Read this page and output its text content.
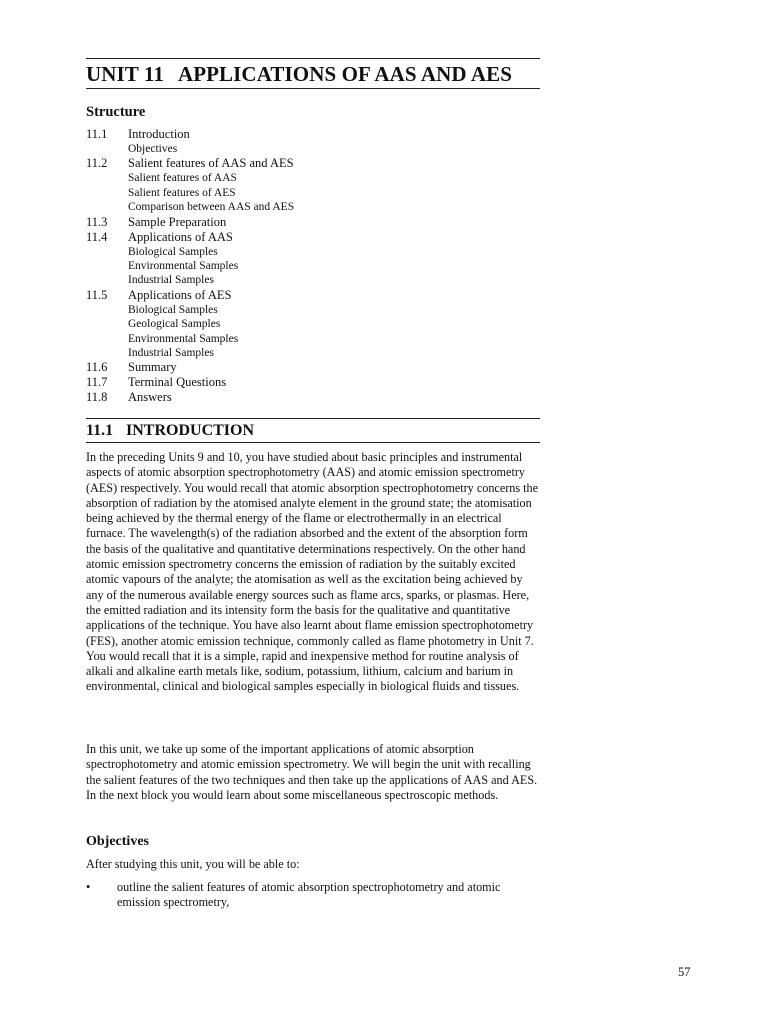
UNIT 11 APPLICATIONS OF AAS AND AES
Structure
11.1	Introduction
Objectives
11.2	Salient features of AAS and AES
Salient features of AAS
Salient features of AES
Comparison between AAS and AES
11.3	Sample Preparation
11.4	Applications of AAS
Biological Samples
Environmental Samples
Industrial Samples
11.5	Applications of AES
Biological Samples
Geological Samples
Environmental Samples
Industrial Samples
11.6	Summary
11.7	Terminal Questions
11.8	Answers
11.1 INTRODUCTION

In the preceding Units 9 and 10, you have studied about basic principles and instrumental aspects of atomic absorption spectrophotometry (AAS) and atomic emission spectrometry (AES) respectively. You would recall that atomic absorption spectrophotometry concerns the absorption of radiation by the atomised analyte element in the ground state; the atomisation being achieved by the thermal energy of the flame or electrothermally in an electrical furnace. The wavelength(s) of the radiation absorbed and the extent of the absorption form the basis of the qualitative and quantitative determinations respectively. On the other hand atomic emission spectrometry concerns the emission of radiation by the suitably excited atomic vapours of the analyte; the atomisation as well as the excitation being achieved by any of the numerous available energy sources such as flame arcs, sparks, or plasmas. Here, the emitted radiation and its intensity form the basis for the qualitative and quantitative applications of the technique. You have also learnt about flame emission spectrophotometry (FES), another atomic emission technique, commonly called as flame photometry in Unit 7. You would recall that it is a simple, rapid and inexpensive method for routine analysis of alkali and alkaline earth metals like, sodium, potassium, lithium, calcium and barium in environmental, clinical and biological samples especially in biological fluids and tissues.

In this unit, we take up some of the important applications of atomic absorption spectrophotometry and atomic emission spectrometry. We will begin the unit with recalling the salient features of the two techniques and then take up the applications of AAS and AES. In the next block you would learn about some miscellaneous spectroscopic methods.

Objectives

After studying this unit, you will be able to:

•	outline the salient features of atomic absorption spectrophotometry and atomic emission spectrometry,
57
